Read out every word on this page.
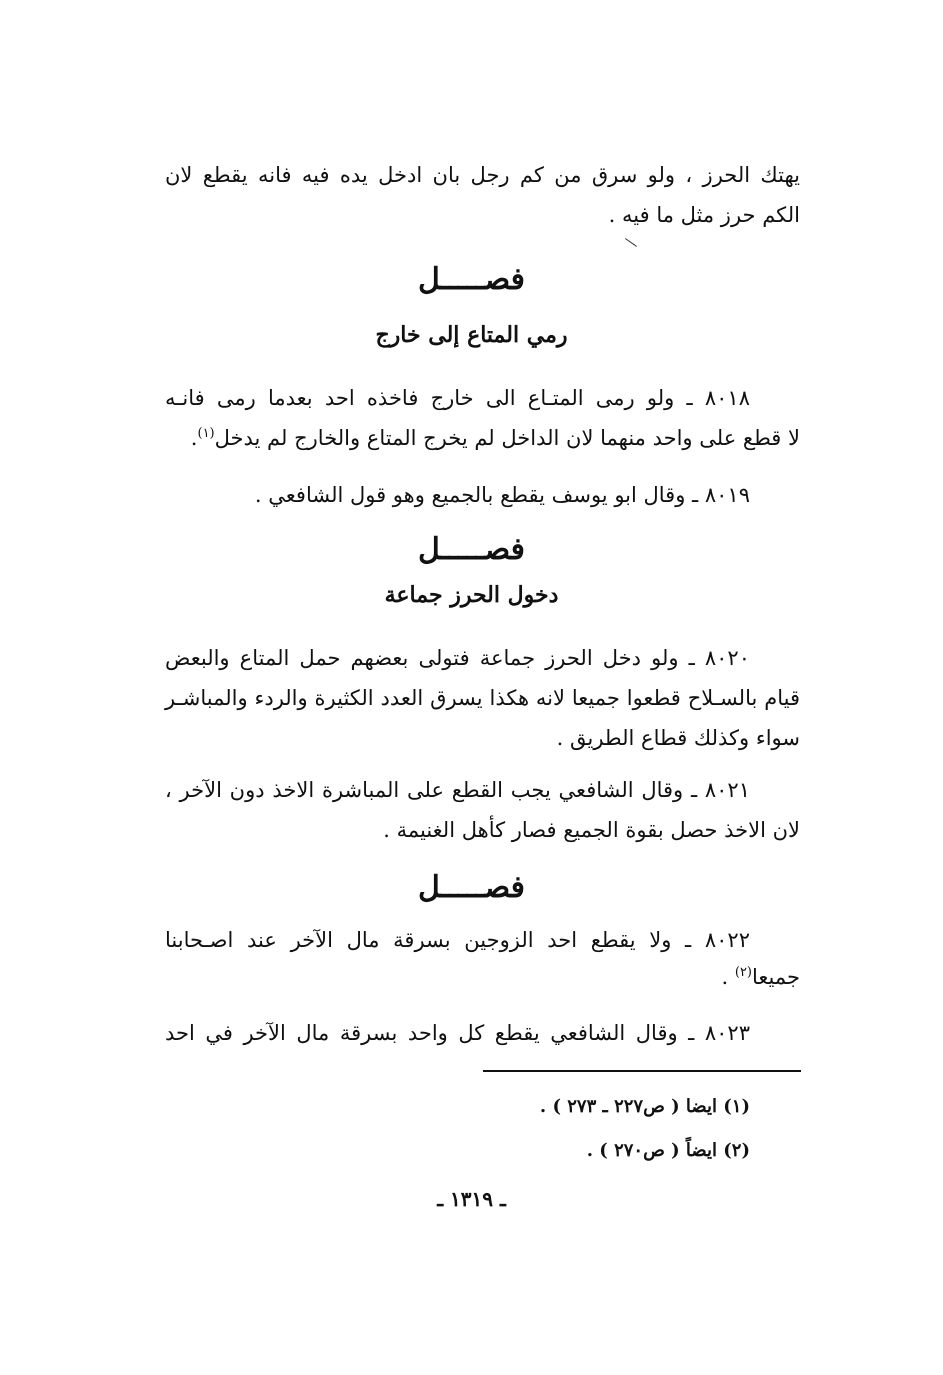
يهتك الحرز ، ولو سرق من كم رجل بان ادخل يده فيه فانه يقطع لان
الكم حرز مثل ما فيه .
فصـــــل
رمي المتاع إلى خارج
٨٠١٨ ـ ولو رمى المتـاع الى خارج فاخذه احد بعدما رمى فانـه
لا قطع على واحد منهما لان الداخل لم يخرج المتاع والخارج لم يدخل$^{(١)}$.
٨٠١٩ ـ وقال ابو يوسف يقطع بالجميع وهو قول الشافعي .
فصـــــل
دخول الحرز جماعة
٨٠٢٠ ـ ولو دخل الحرز جماعة فتولى بعضهم حمل المتاع والبعض
قيام بالسـلاح قطعوا جميعا لانه هكذا يسرق العدد الكثيرة والردء والمباشـر
سواء وكذلك قطاع الطريق .
٨٠٢١ ـ وقال الشافعي يجب القطع على المباشرة الاخذ دون الآخر ،
لان الاخذ حصل بقوة الجميع فصار كأهل الغنيمة .
فصـــــل
٨٠٢٢ ـ ولا يقطع احد الزوجين بسرقة مال الآخر عند اصـحابنا
جميعا$^{(٢)}$ .
٨٠٢٣ ـ وقال الشافعي يقطع كل واحد بسرقة مال الآخر في احد
(١) ايضا ( ص٢٢٧ ـ ٢٧٣ ) .
(٢) ايضاً ( ص٢٧٠ ) .
ـ ١٣١٩ ـ
